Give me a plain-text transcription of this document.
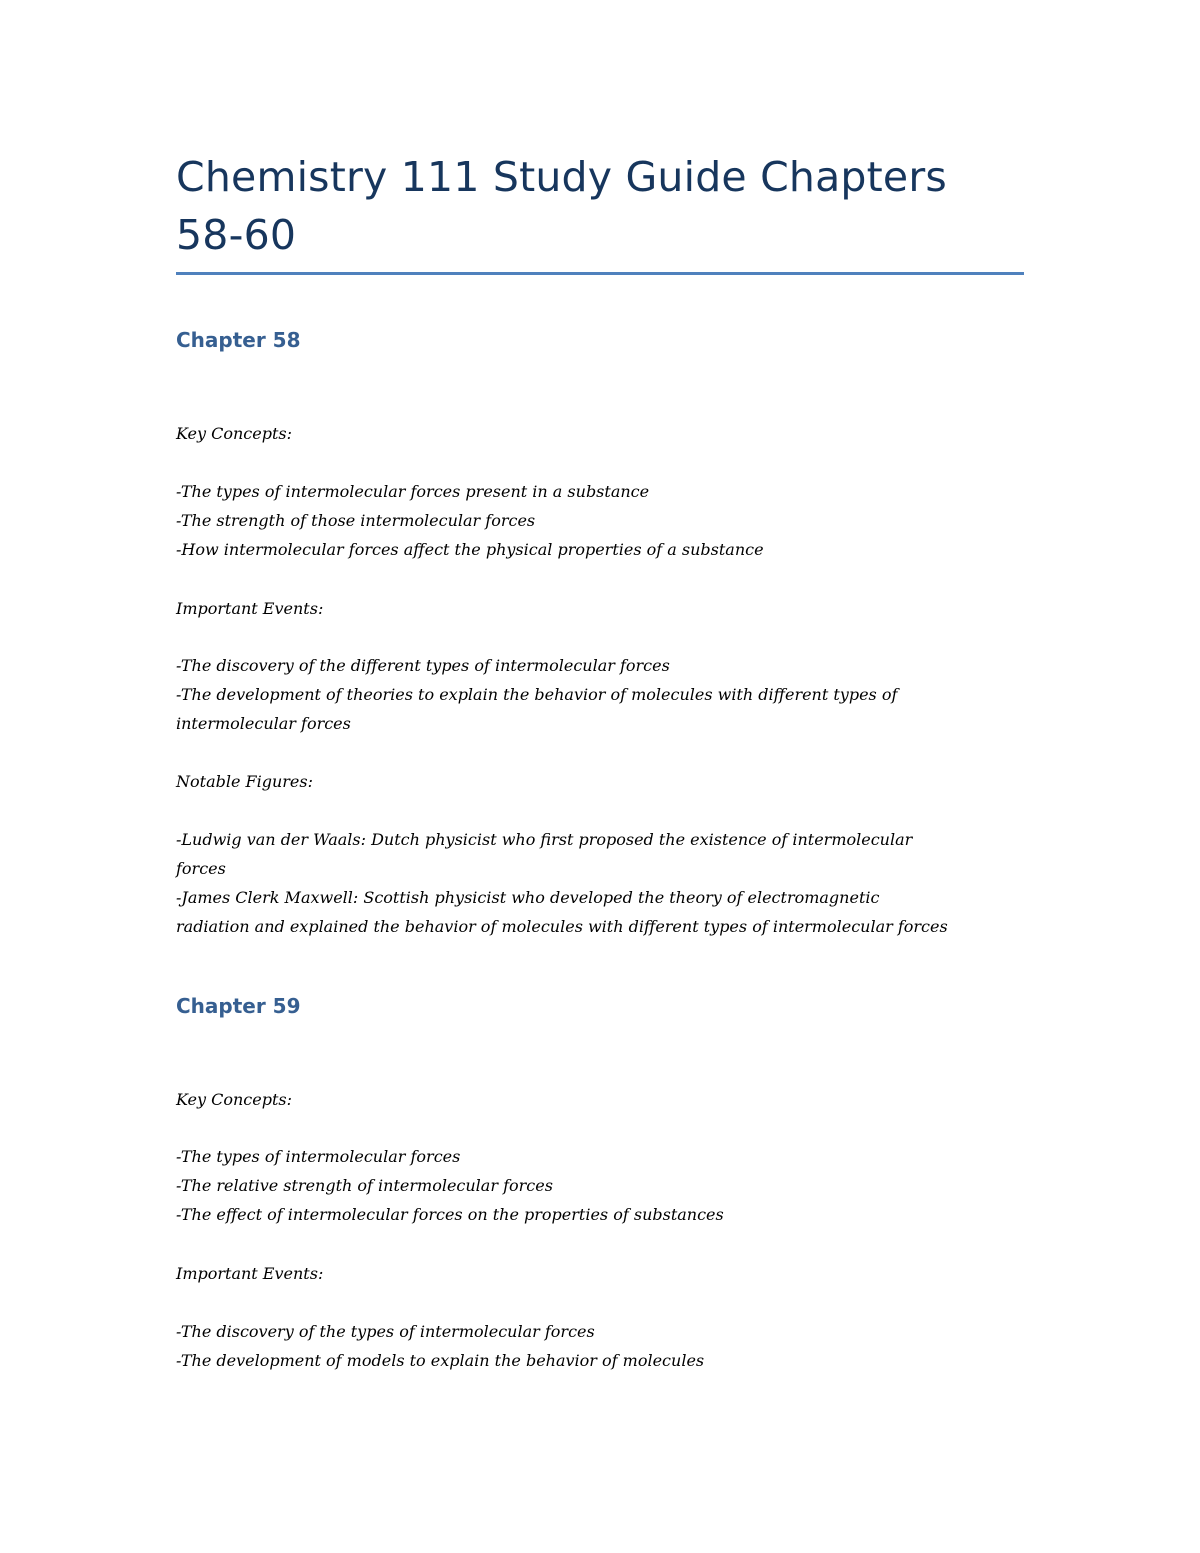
Chemistry 111 Study Guide Chapters
58-60
Chapter 58

Key Concepts:

-The types of intermolecular forces present in a substance
-The strength of those intermolecular forces
-How intermolecular forces affect the physical properties of a substance

Important Events:

-The discovery of the different types of intermolecular forces
-The development of theories to explain the behavior of molecules with different types of
intermolecular forces

Notable Figures:

-Ludwig van der Waals: Dutch physicist who first proposed the existence of intermolecular
forces
-James Clerk Maxwell: Scottish physicist who developed the theory of electromagnetic
radiation and explained the behavior of molecules with different types of intermolecular forces

Chapter 59

Key Concepts:

-The types of intermolecular forces
-The relative strength of intermolecular forces
-The effect of intermolecular forces on the properties of substances

Important Events:

-The discovery of the types of intermolecular forces
-The development of models to explain the behavior of molecules
